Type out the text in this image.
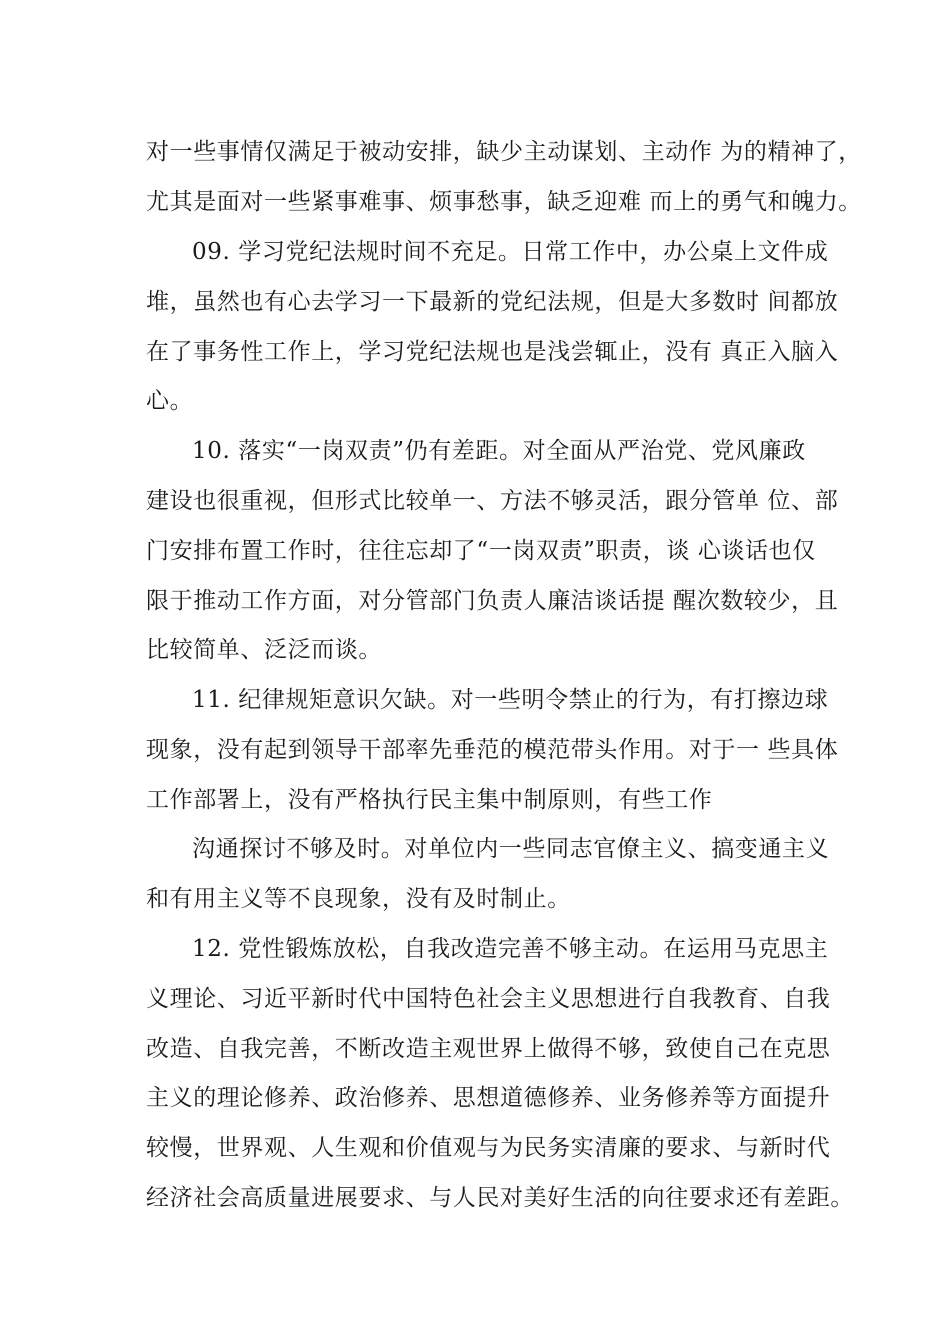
对一些事情仅满足于被动安排，缺少主动谋划、主动作 为的精神了，
尤其是面对一些紧事难事、烦事愁事，缺乏迎难 而上的勇气和魄力。
09. 学习党纪法规时间不充足。日常工作中，办公桌上文件成
堆，虽然也有心去学习一下最新的党纪法规，但是大多数时 间都放
在了事务性工作上，学习党纪法规也是浅尝辄止，没有 真正入脑入
心。
10. 落实“一岗双责”仍有差距。对全面从严治党、党风廉政
建设也很重视，但形式比较单一、方法不够灵活，跟分管单 位、部
门安排布置工作时，往往忘却了“一岗双责”职责，谈 心谈话也仅
限于推动工作方面，对分管部门负责人廉洁谈话提 醒次数较少，且
比较简单、泛泛而谈。
11. 纪律规矩意识欠缺。对一些明令禁止的行为，有打擦边球
现象，没有起到领导干部率先垂范的模范带头作用。对于一 些具体
工作部署上，没有严格执行民主集中制原则，有些工作
沟通探讨不够及时。对单位内一些同志官僚主义、搞变通主义
和有用主义等不良现象，没有及时制止。
12. 党性锻炼放松，自我改造完善不够主动。在运用马克思主
义理论、习近平新时代中国特色社会主义思想进行自我教育、自我
改造、自我完善，不断改造主观世界上做得不够，致使自己在克思
主义的理论修养、政治修养、思想道德修养、业务修养等方面提升
较慢，世界观、人生观和价值观与为民务实清廉的要求、与新时代
经济社会高质量进展要求、与人民对美好生活的向往要求还有差距。
